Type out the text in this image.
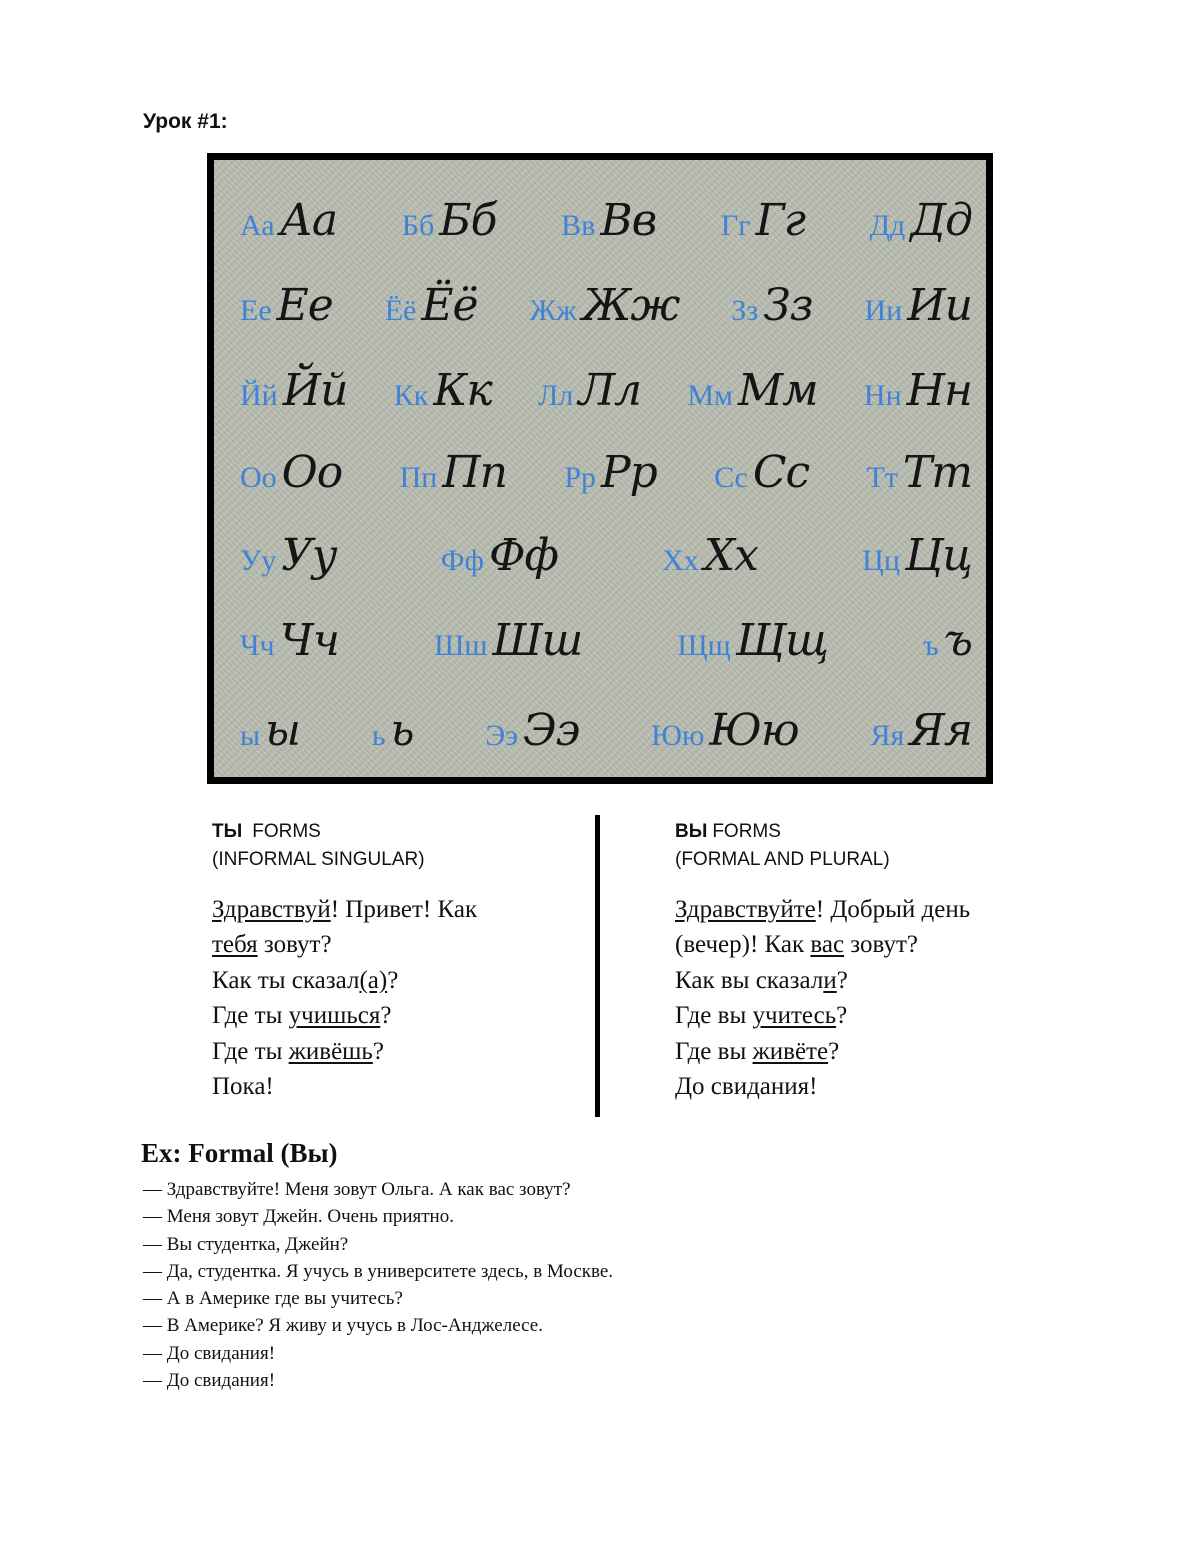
Урок #1:
Аа Аа Бб Бб Вв Вв Гг Гг Дд Дд
Ее Ее Ёё Ёё Жж Жж Зз Зз Ии Ии
Йй Йй Кк Кк Лл Лл Мм Мм Нн Нн
Оо Оо Пп Пп Рр Рр Сс Сс Тт Тт
Уу Уу	Фф Фф	Хх Хх	Цц Цц
Чч Чч	Шш Шш	Щщ Щщ	ъ ъ
ы ы ь ь Ээ Ээ Юю Юю Яя Яя
ТЫ FORMS
(INFORMAL SINGULAR)
Здравствуй! Привет! Как
тебя зовут?
Как ты сказал(а)?
Где ты учишься?
Где ты живёшь?
Пока!
ВЫ FORMS
(FORMAL AND PLURAL)
Здравствуйте! Добрый день
(вечер)! Как вас зовут?
Как вы сказали?
Где вы учитесь?
Где вы живёте?
До свидания!
Ex: Formal (Вы)
— Здравствуйте! Меня зовут Ольга. А как вас зовут?
— Меня зовут Джейн. Очень приятно.
— Вы студентка, Джейн?
— Да, студентка. Я учусь в университете здесь, в Москве.
— А в Америке где вы учитесь?
— В Америке? Я живу и учусь в Лос-Анджелесе.
— До свидания!
— До свидания!
